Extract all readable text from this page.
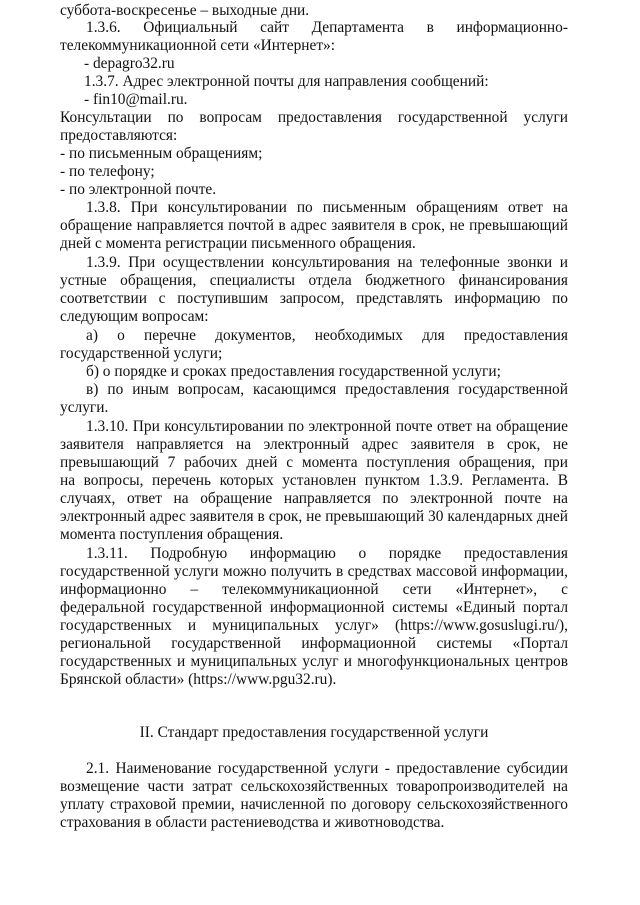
суббота-воскресенье – выходные дни.
1.3.6. Официальный сайт Департамента в информационно-
телекоммуникационной сети «Интернет»:
- depagro32.ru
1.3.7. Адрес электронной почты для направления сообщений:
- fin10@mail.ru.
Консультации по вопросам предоставления государственной услуги
предоставляются:
- по письменным обращениям;
- по телефону;
- по электронной почте.
1.3.8. При консультировании по письменным обращениям ответ на
обращение направляется почтой в адрес заявителя в срок, не превышающий
дней с момента регистрации письменного обращения.
1.3.9. При осуществлении консультирования на телефонные звонки и
устные обращения, специалисты отдела бюджетного финансирования
соответствии с поступившим запросом, представлять информацию по
следующим вопросам:
а) о перечне документов, необходимых для предоставления
государственной услуги;
б) о порядке и сроках предоставления государственной услуги;
в) по иным вопросам, касающимся предоставления государственной
услуги.
1.3.10. При консультировании по электронной почте ответ на обращение
заявителя направляется на электронный адрес заявителя в срок, не
превышающий 7 рабочих дней с момента поступления обращения, при
на вопросы, перечень которых установлен пунктом 1.3.9. Регламента. В
случаях, ответ на обращение направляется по электронной почте на
электронный адрес заявителя в срок, не превышающий 30 календарных дней
момента поступления обращения.
1.3.11. Подробную информацию о порядке предоставления
государственной услуги можно получить в средствах массовой информации,
информационно – телекоммуникационной сети «Интернет», с
федеральной государственной информационной системы «Единый портал
государственных и муниципальных услуг» (https://www.gosuslugi.ru/),
региональной государственной информационной системы «Портал
государственных и муниципальных услуг и многофункциональных центров
Брянской области» (https://www.pgu32.ru).
II. Стандарт предоставления государственной услуги
2.1. Наименование государственной услуги - предоставление субсидии
возмещение части затрат сельскохозяйственных товаропроизводителей на
уплату страховой премии, начисленной по договору сельскохозяйственного
страхования в области растениеводства и животноводства.
